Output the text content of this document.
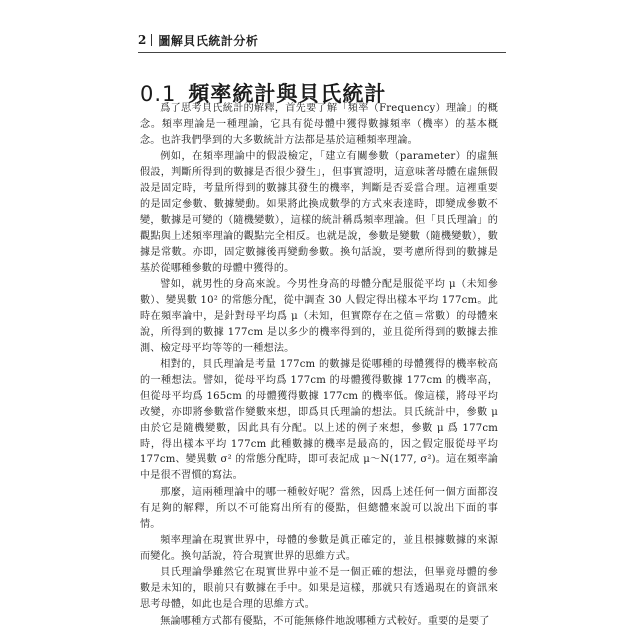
2 圖解貝氏統計分析
0.1 頻率統計與貝氏統計

爲了思考貝氏統計的解釋，首先要了解「頻率（Frequency）理論」的概念。頻率理論是一種理論，它具有從母體中獲得數據頻率（機率）的基本概念。也許我們學到的大多數統計方法都是基於這種頻率理論。

例如，在頻率理論中的假設檢定，「建立有關參數（parameter）的虛無假設，判斷所得到的數據是否很少發生」，但事實證明，這意味著母體在虛無假設是固定時，考量所得到的數據其發生的機率，判斷是否妥當合理。這裡重要的是固定參數、數據變動。如果將此換成數學的方式來表達時，即變成參數不變，數據是可變的（隨機變數），這樣的統計稱爲頻率理論。但「貝氏理論」的觀點與上述頻率理論的觀點完全相反。也就是說，參數是變數（隨機變數），數據是常數。亦即，固定數據後再變動參數。換句話說，要考慮所得到的數據是基於從哪種參數的母體中獲得的。

譬如，就男性的身高來說。今男性身高的母體分配是服從平均 μ（未知參數）、變異數 10² 的常態分配，從中調查 30 人假定得出樣本平均 177cm。此時在頻率論中，是針對母平均爲 μ（未知，但實際存在之值＝常數）的母體來說，所得到的數據 177cm 是以多少的機率得到的，並且從所得到的數據去推測、檢定母平均等等的一種想法。

相對的，貝氏理論是考量 177cm 的數據是從哪種的母體獲得的機率較高的一種想法。譬如，從母平均爲 177cm 的母體獲得數據 177cm 的機率高，但從母平均爲 165cm 的母體獲得數據 177cm 的機率低。像這樣，將母平均改變，亦即將參數當作變數來想，即爲貝氏理論的想法。貝氏統計中，參數 μ 由於它是隨機變數，因此具有分配。以上述的例子來想，參數 μ 爲 177cm 時，得出樣本平均 177cm 此種數據的機率是最高的，因之假定服從母平均 177cm、變異數 σ² 的常態分配時，即可表記成 μ〜N(177, σ²)。這在頻率論中是很不習慣的寫法。

那麼，這兩種理論中的哪一種較好呢？當然，因爲上述任何一個方面都沒有足夠的解釋，所以不可能寫出所有的優點，但總體來說可以說出下面的事情。

頻率理論在現實世界中，母體的參數是眞正確定的，並且根據數據的來源而變化。換句話說，符合現實世界的思維方式。

貝氏理論學雖然它在現實世界中並不是一個正確的想法，但畢竟母體的參數是未知的，眼前只有數據在手中。如果是這樣，那就只有透過現在的資訊來思考母體，如此也是合理的思維方式。

無論哪種方式都有優點，不可能無條件地說哪種方式較好。重要的是要了
